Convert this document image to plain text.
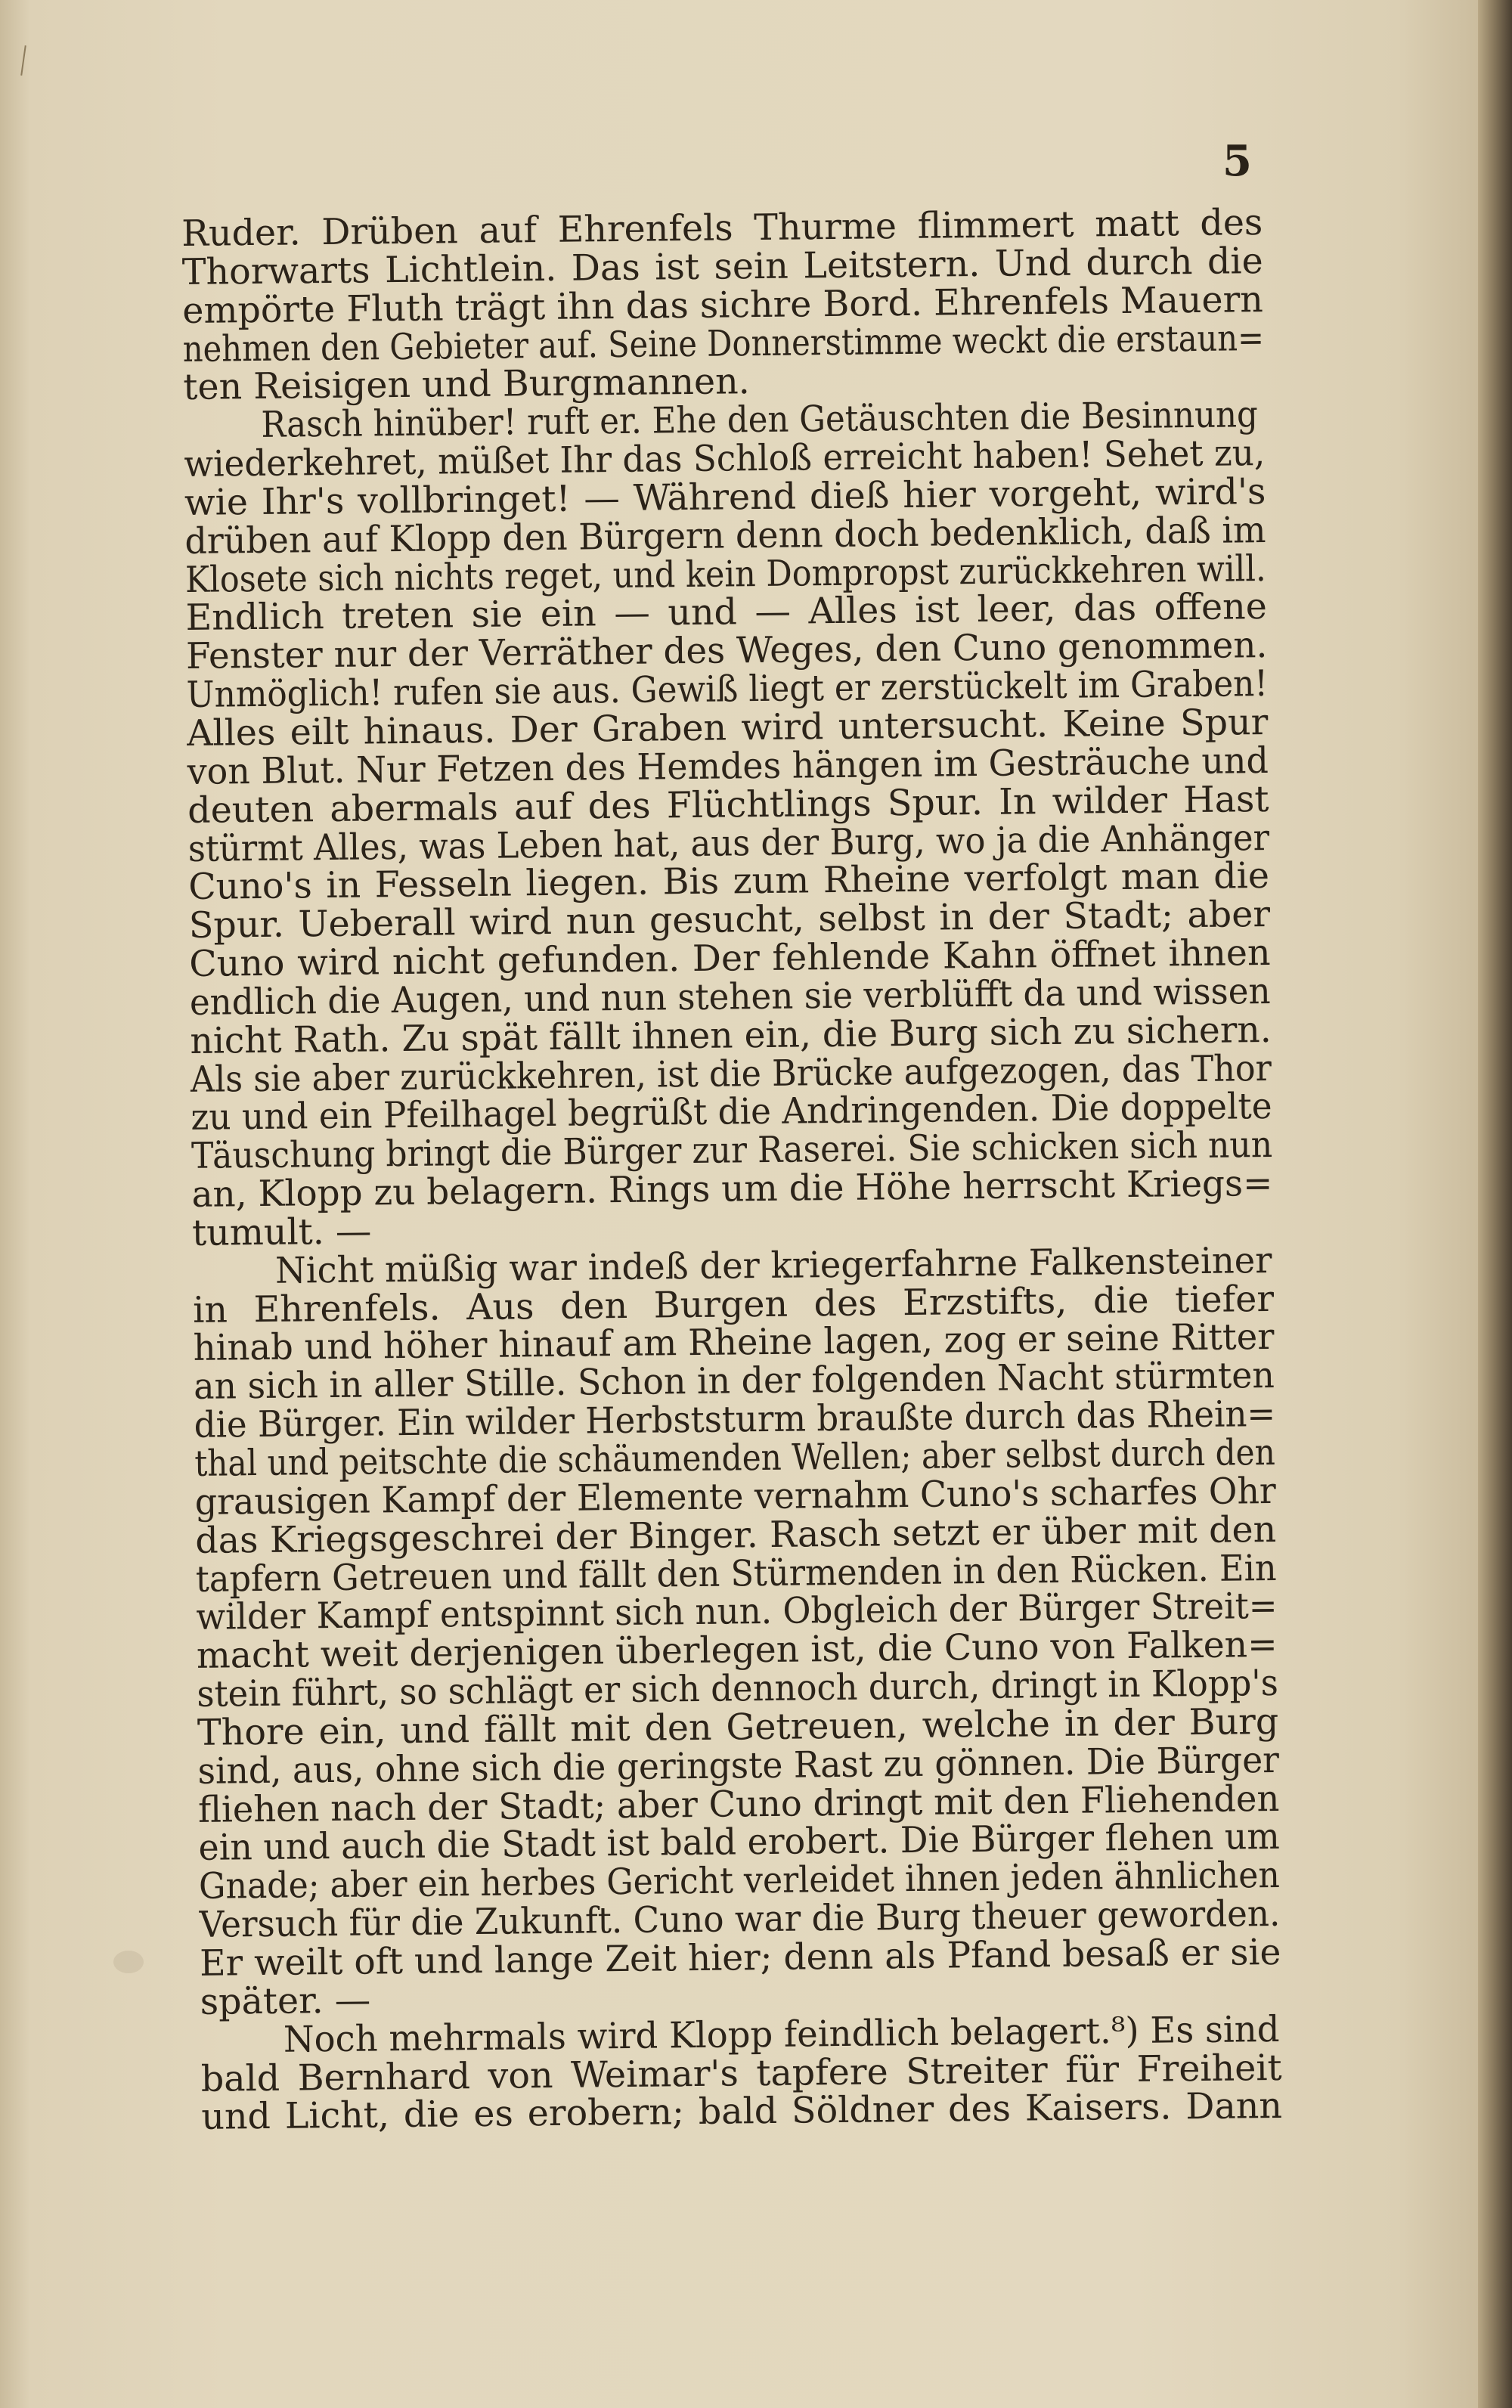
5
Ruder. Drüben auf Ehrenfels Thurme flimmert matt des
Thorwarts Lichtlein. Das ist sein Leitstern. Und durch die
empörte Fluth trägt ihn das sichre Bord. Ehrenfels Mauern
nehmen den Gebieter auf. Seine Donnerstimme weckt die erstaun=
ten Reisigen und Burgmannen.
Rasch hinüber! ruft er. Ehe den Getäuschten die Besinnung
wiederkehret, müßet Ihr das Schloß erreicht haben! Sehet zu,
wie Ihr's vollbringet! — Während dieß hier vorgeht, wird's
drüben auf Klopp den Bürgern denn doch bedenklich, daß im
Klosete sich nichts reget, und kein Dompropst zurückkehren will.
Endlich treten sie ein — und — Alles ist leer, das offene
Fenster nur der Verräther des Weges, den Cuno genommen.
Unmöglich! rufen sie aus. Gewiß liegt er zerstückelt im Graben!
Alles eilt hinaus. Der Graben wird untersucht. Keine Spur
von Blut. Nur Fetzen des Hemdes hängen im Gesträuche und
deuten abermals auf des Flüchtlings Spur. In wilder Hast
stürmt Alles, was Leben hat, aus der Burg, wo ja die Anhänger
Cuno's in Fesseln liegen. Bis zum Rheine verfolgt man die
Spur. Ueberall wird nun gesucht, selbst in der Stadt; aber
Cuno wird nicht gefunden. Der fehlende Kahn öffnet ihnen
endlich die Augen, und nun stehen sie verblüfft da und wissen
nicht Rath. Zu spät fällt ihnen ein, die Burg sich zu sichern.
Als sie aber zurückkehren, ist die Brücke aufgezogen, das Thor
zu und ein Pfeilhagel begrüßt die Andringenden. Die doppelte
Täuschung bringt die Bürger zur Raserei. Sie schicken sich nun
an, Klopp zu belagern. Rings um die Höhe herrscht Kriegs=
tumult. —
Nicht müßig war indeß der kriegerfahrne Falkensteiner
in Ehrenfels. Aus den Burgen des Erzstifts, die tiefer
hinab und höher hinauf am Rheine lagen, zog er seine Ritter
an sich in aller Stille. Schon in der folgenden Nacht stürmten
die Bürger. Ein wilder Herbststurm braußte durch das Rhein=
thal und peitschte die schäumenden Wellen; aber selbst durch den
grausigen Kampf der Elemente vernahm Cuno's scharfes Ohr
das Kriegsgeschrei der Binger. Rasch setzt er über mit den
tapfern Getreuen und fällt den Stürmenden in den Rücken. Ein
wilder Kampf entspinnt sich nun. Obgleich der Bürger Streit=
macht weit derjenigen überlegen ist, die Cuno von Falken=
stein führt, so schlägt er sich dennoch durch, dringt in Klopp's
Thore ein, und fällt mit den Getreuen, welche in der Burg
sind, aus, ohne sich die geringste Rast zu gönnen. Die Bürger
fliehen nach der Stadt; aber Cuno dringt mit den Fliehenden
ein und auch die Stadt ist bald erobert. Die Bürger flehen um
Gnade; aber ein herbes Gericht verleidet ihnen jeden ähnlichen
Versuch für die Zukunft. Cuno war die Burg theuer geworden.
Er weilt oft und lange Zeit hier; denn als Pfand besaß er sie
später. —
Noch mehrmals wird Klopp feindlich belagert.⁸) Es sind
bald Bernhard von Weimar's tapfere Streiter für Freiheit
und Licht, die es erobern; bald Söldner des Kaisers. Dann
